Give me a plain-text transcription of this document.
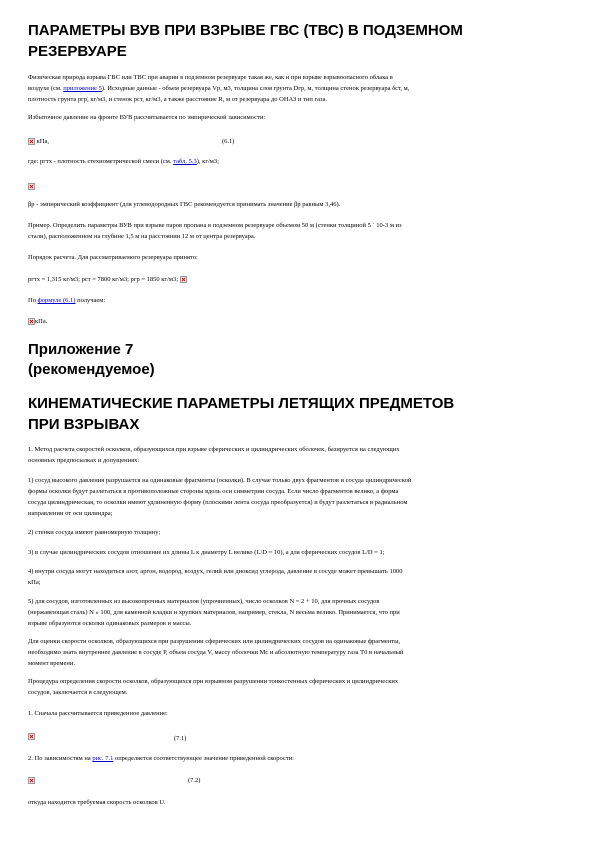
ПАРАМЕТРЫ ВУВ ПРИ ВЗРЫВЕ ГВС (ТВС) В ПОДЗЕМНОМ
РЕЗЕРВУАРЕ
Физическая природа взрыва ГВС или ТВС при аварии в подземном резервуаре такая же, как и при взрыве взрывоопасного облака в
воздухе (см. приложение 5). Исходные данные - объем резервуара Vр, м3, толщина слоя грунта Dгр, м, толщина стенок резервуара δст, м,
плотность грунта ргр, кг/м3, и стенок рст, кг/м3, а также расстояние R, м от резервуара до ОНАЗ и тип газа.
Избыточное давление на фронте ВУВ рассчитывается по эмпирической зависимости:
кПа,	(6.1)
где: ргтх - плотность стехиометрической смеси (см. табл. 5.3), кг/м3;
βр - эмпирический коэффициент (для углеводородных ГВС рекомендуется принимать значение βр равным 3,46).
Пример. Определить параметры ВУВ при взрыве паров пропана в подземном резервуаре объемом 50 м (стенки толщиной 5 ˙ 10-3 м из
стали), расположенном на глубине 1,5 м на расстоянии 12 м от центра резервуара.
Порядок расчета. Для рассматриваемого резервуара принято:
ргтх = 1,315 кг/м3; рст = 7800 кг/м3; ргр = 1850 кг/м3;
По формуле (6.1) получаем:
кПа.
Приложение 7
(рекомендуемое)
КИНЕМАТИЧЕСКИЕ ПАРАМЕТРЫ ЛЕТЯЩИХ ПРЕДМЕТОВ
ПРИ ВЗРЫВАХ
1. Метод расчета скоростей осколков, образующихся при взрыве сферических и цилиндрических оболочек, базируется на следующих
основных предпосылках и допущениях:
1) сосуд высокого давления разрушается на одинаковые фрагменты (осколки). В случае только двух фрагментов и сосуда цилиндрической
формы осколки будут разлетаться в противоположные стороны вдоль оси симметрии сосуда. Если число фрагментов велико, а форма
сосуда цилиндрическая, то осколки имеют удлиненную форму (плоскими лента сосуда преобразуется) и будут разлетаться в радиальном
направлении от оси цилиндра;
2) стенки сосуда имеют равномерную толщину;
3) в случае цилиндрических сосудов отношение их длины L к диаметру L велико (L/D = 10), а для сферических сосудов L/D = 1;
4) внутри сосуда могут находиться азот, аргон, водород, воздух, гелий или диоксид углерода, давление в сосуде может превышать 1000
кПа;
5) для сосудов, изготовленных из высокопрочных материалов (упрочненных), число осколков N = 2 + 10, для прочных сосудов
(нержавеющая сталь) N » 100, для каменной кладки и хрупких материалов, например, стекла, N весьма велико. Принимается, что при
взрыве образуются осколки одинаковых размеров и массы.
Для оценки скорости осколков, образующихся при разрушении сферических или цилиндрических сосудов на одинаковые фрагменты,
необходимо знать внутреннее давление в сосуде P, объем сосуда V, массу оболочки Mc и абсолютную температуру газа T0 в начальный
момент времени.
Процедура определения скорости осколков, образующихся при взрывном разрушении тонкостенных сферических и цилиндрических
сосудов, заключается в следующем.
1. Сначала рассчитывается приведенное давление:
(7.1)
2. По зависимостям на рис. 7.1 определяется соответствующее значение приведенной скорости:
(7.2)
откуда находится требуемая скорость осколков U.
